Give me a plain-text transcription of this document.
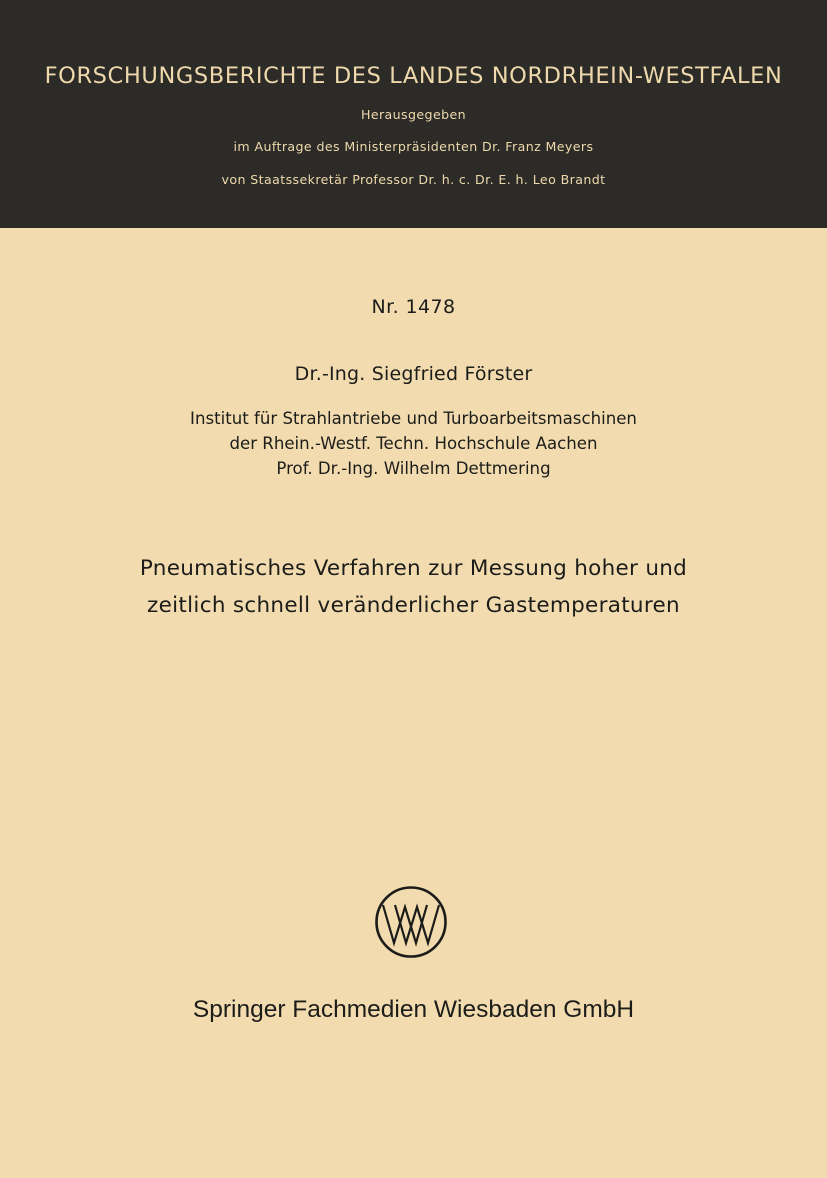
FORSCHUNGSBERICHTE DES LANDES NORDRHEIN-WESTFALEN
Herausgegeben
im Auftrage des Ministerpräsidenten Dr. Franz Meyers
von Staatssekretär Professor Dr. h. c. Dr. E. h. Leo Brandt
Nr. 1478
Dr.-Ing. Siegfried Förster
Institut für Strahlantriebe und Turboarbeitsmaschinen
der Rhein.-Westf. Techn. Hochschule Aachen
Prof. Dr.-Ing. Wilhelm Dettmering
Pneumatisches Verfahren zur Messung hoher und
zeitlich schnell veränderlicher Gastemperaturen
Springer Fachmedien Wiesbaden GmbH
